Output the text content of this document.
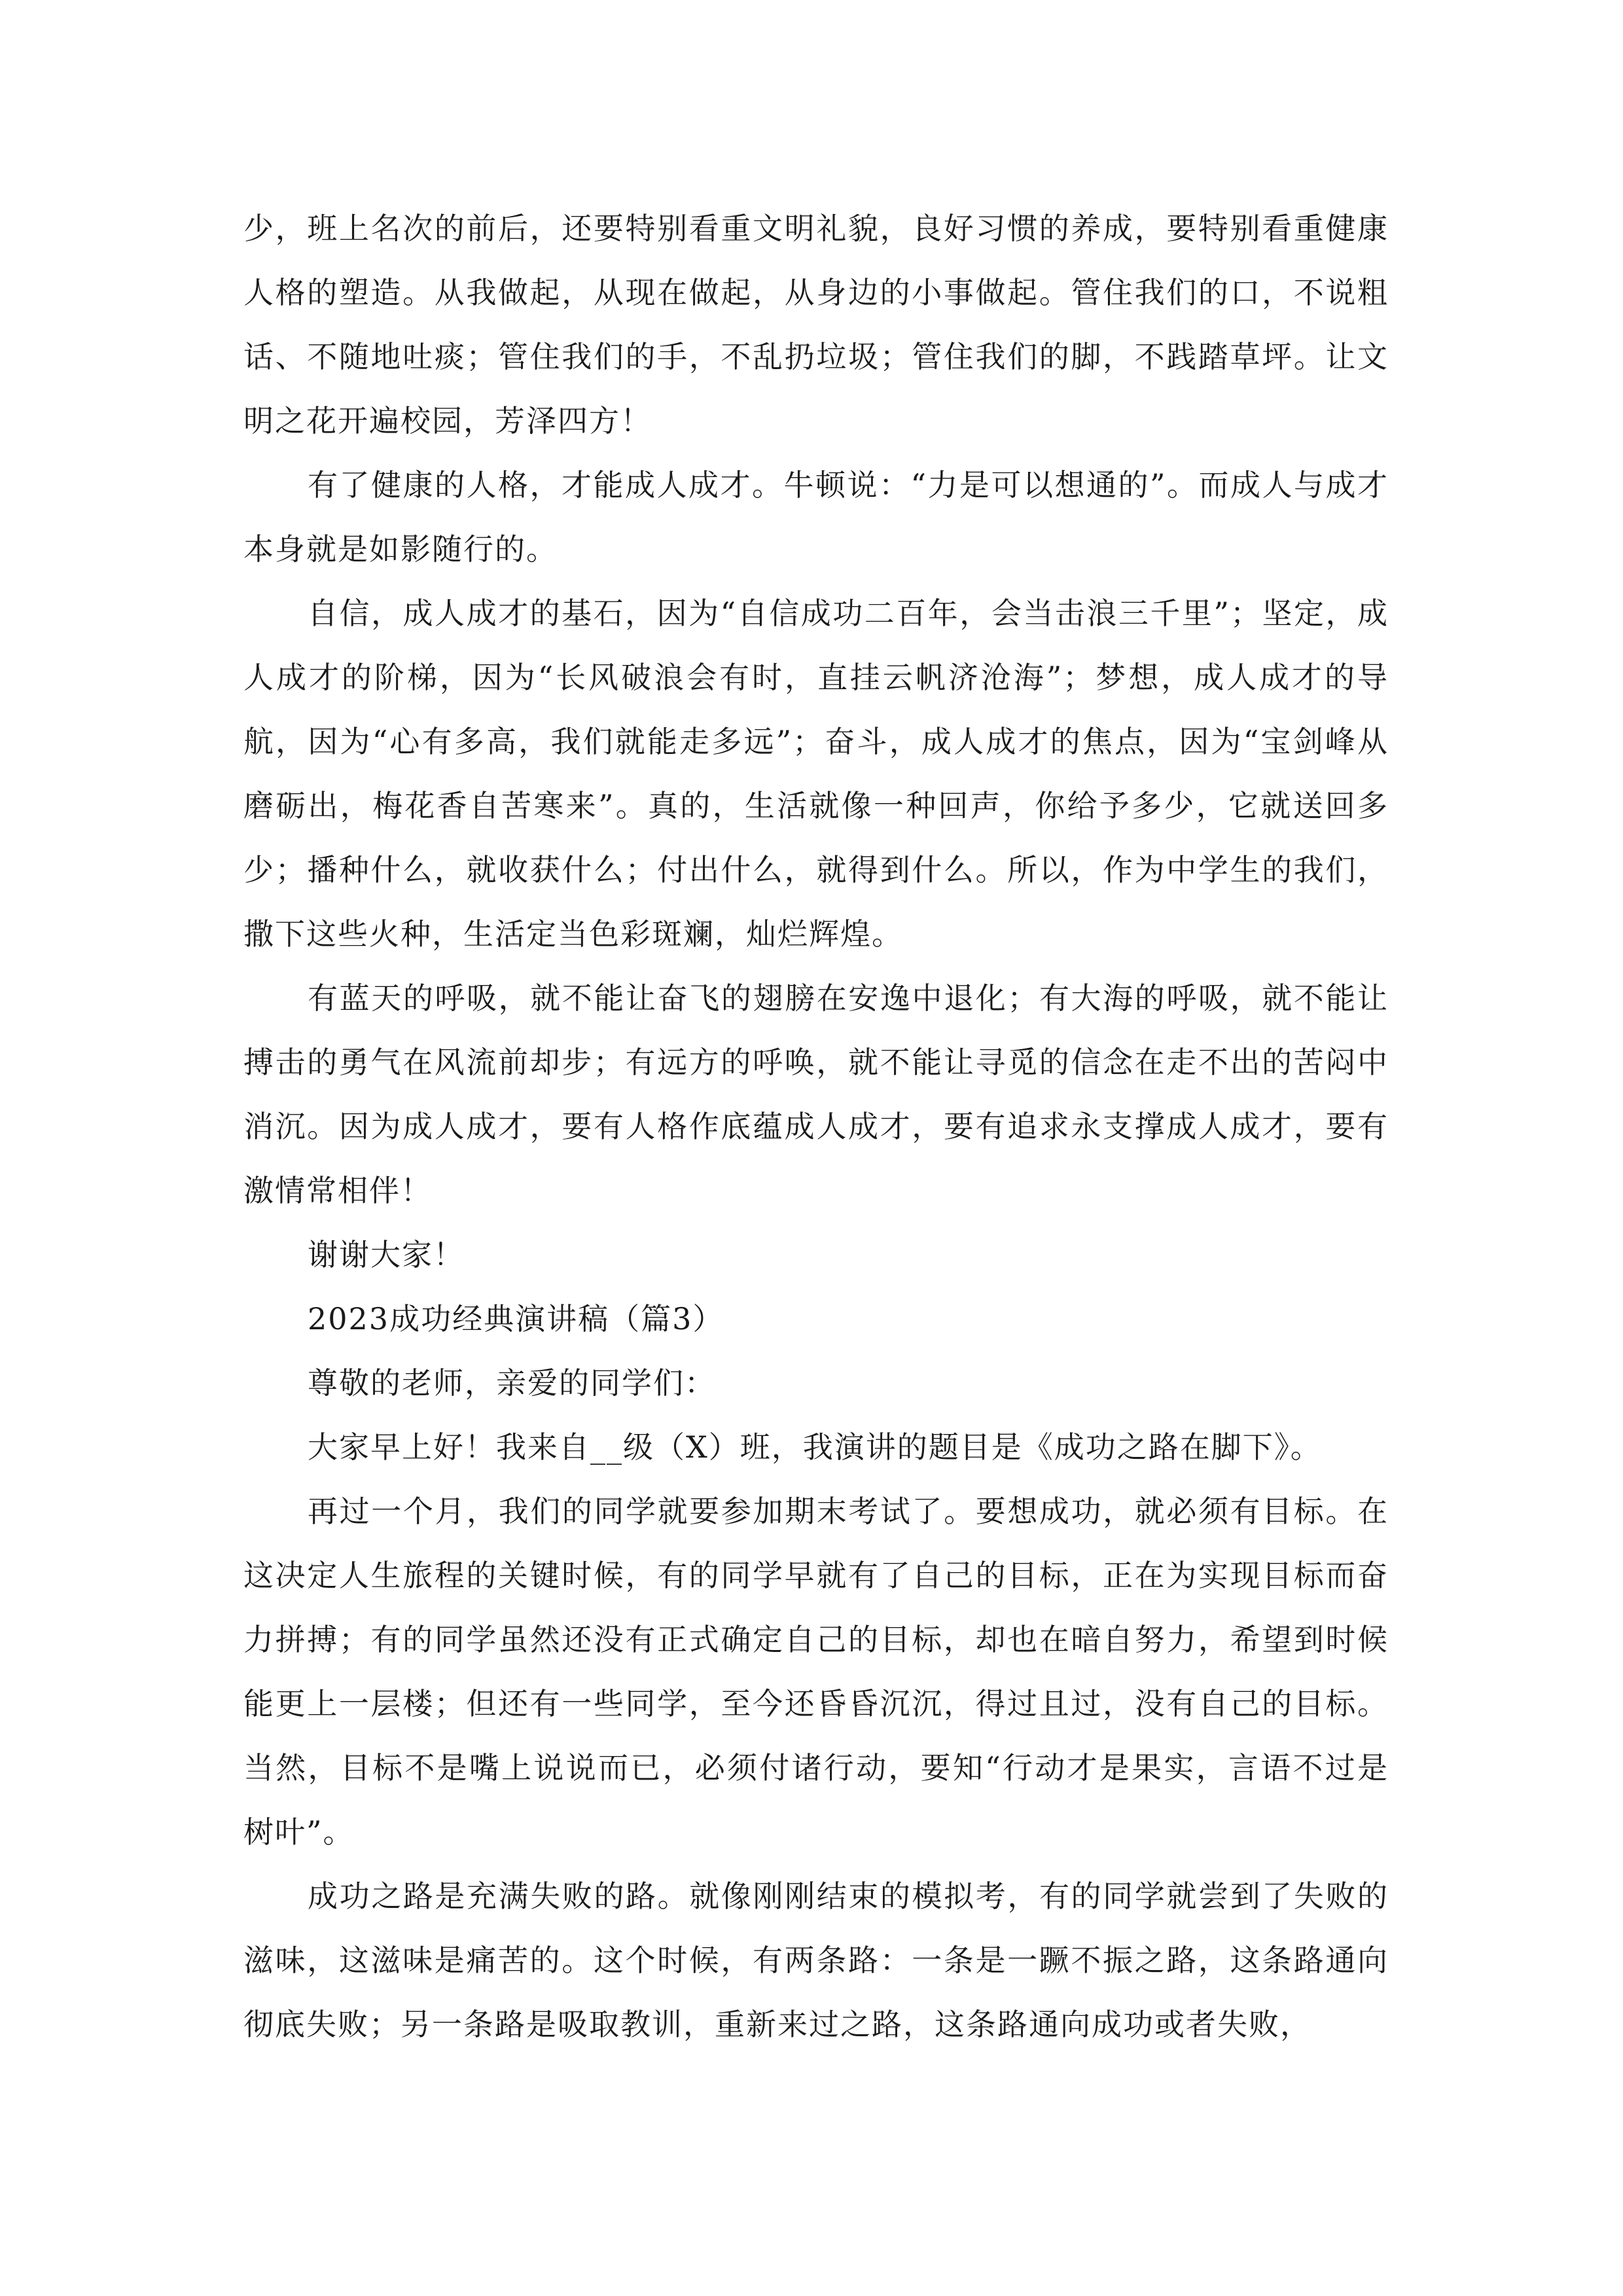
少，班上名次的前后，还要特别看重文明礼貌，良好习惯的养成，要特别看重健康人格的塑造。从我做起，从现在做起，从身边的小事做起。管住我们的口，不说粗话、不随地吐痰；管住我们的手，不乱扔垃圾；管住我们的脚，不践踏草坪。让文明之花开遍校园，芳泽四方！

有了健康的人格，才能成人成才。牛顿说：“力是可以想通的”。而成人与成才本身就是如影随行的。

自信，成人成才的基石，因为“自信成功二百年，会当击浪三千里”；坚定，成人成才的阶梯，因为“长风破浪会有时，直挂云帆济沧海”；梦想，成人成才的导航，因为“心有多高，我们就能走多远”；奋斗，成人成才的焦点，因为“宝剑峰从磨砺出，梅花香自苦寒来”。真的，生活就像一种回声，你给予多少，它就送回多少；播种什么，就收获什么；付出什么，就得到什么。所以，作为中学生的我们，撒下这些火种，生活定当色彩斑斓，灿烂辉煌。

有蓝天的呼吸，就不能让奋飞的翅膀在安逸中退化；有大海的呼吸，就不能让搏击的勇气在风流前却步；有远方的呼唤，就不能让寻觅的信念在走不出的苦闷中消沉。因为成人成才，要有人格作底蕴成人成才，要有追求永支撑成人成才，要有激情常相伴！

谢谢大家！

2023成功经典演讲稿（篇3）

尊敬的老师，亲爱的同学们：

大家早上好！我来自__级（X）班，我演讲的题目是《成功之路在脚下》。

再过一个月，我们的同学就要参加期末考试了。要想成功，就必须有目标。在这决定人生旅程的关键时候，有的同学早就有了自己的目标，正在为实现目标而奋力拼搏；有的同学虽然还没有正式确定自己的目标，却也在暗自努力，希望到时候能更上一层楼；但还有一些同学，至今还昏昏沉沉，得过且过，没有自己的目标。当然，目标不是嘴上说说而已，必须付诸行动，要知“行动才是果实，言语不过是树叶”。

成功之路是充满失败的路。就像刚刚结束的模拟考，有的同学就尝到了失败的滋味，这滋味是痛苦的。这个时候，有两条路：一条是一蹶不振之路，这条路通向彻底失败；另一条路是吸取教训，重新来过之路，这条路通向成功或者失败，
